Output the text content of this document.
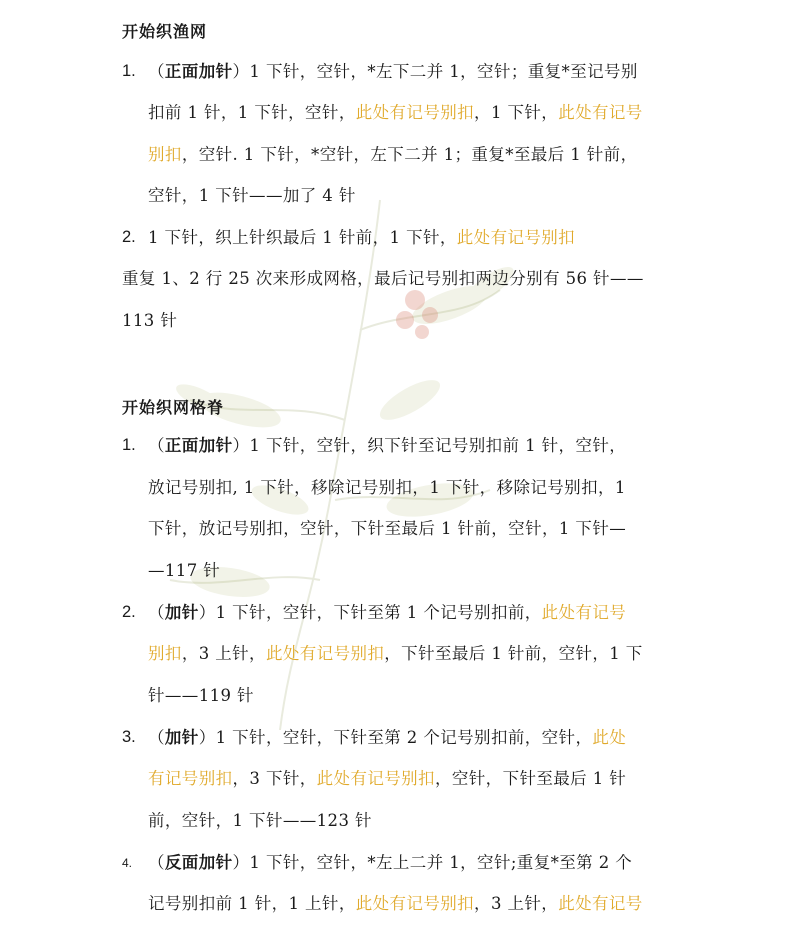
开始织渔网
1. （正面加针）1 下针，空针，*左下二并 1，空针；重复*至记号别
扣前 1 针，1 下针，空针，此处有记号别扣，1 下针，此处有记号
别扣，空针. 1 下针，*空针，左下二并 1；重复*至最后 1 针前，
空针，1 下针——加了 4 针
2. 1 下针，织上针织最后 1 针前，1 下针，此处有记号别扣
重复 1、2 行 25 次来形成网格，最后记号别扣两边分别有 56 针——
113 针
开始织网格脊
1. （正面加针）1 下针，空针，织下针至记号别扣前 1 针，空针，
放记号别扣, 1 下针，移除记号别扣，1 下针，移除记号别扣，1
下针，放记号别扣，空针，下针至最后 1 针前，空针，1 下针—
—117 针
2. （加针）1 下针，空针，下针至第 1 个记号别扣前，此处有记号
别扣，3 上针，此处有记号别扣，下针至最后 1 针前，空针，1 下
针——119 针
3. （加针）1 下针，空针，下针至第 2 个记号别扣前，空针，此处
有记号别扣，3 下针，此处有记号别扣，空针，下针至最后 1 针
前，空针，1 下针——123 针
4. （反面加针）1 下针，空针，*左上二并 1，空针;重复*至第 2 个
记号别扣前 1 针，1 上针，此处有记号别扣，3 上针，此处有记号
